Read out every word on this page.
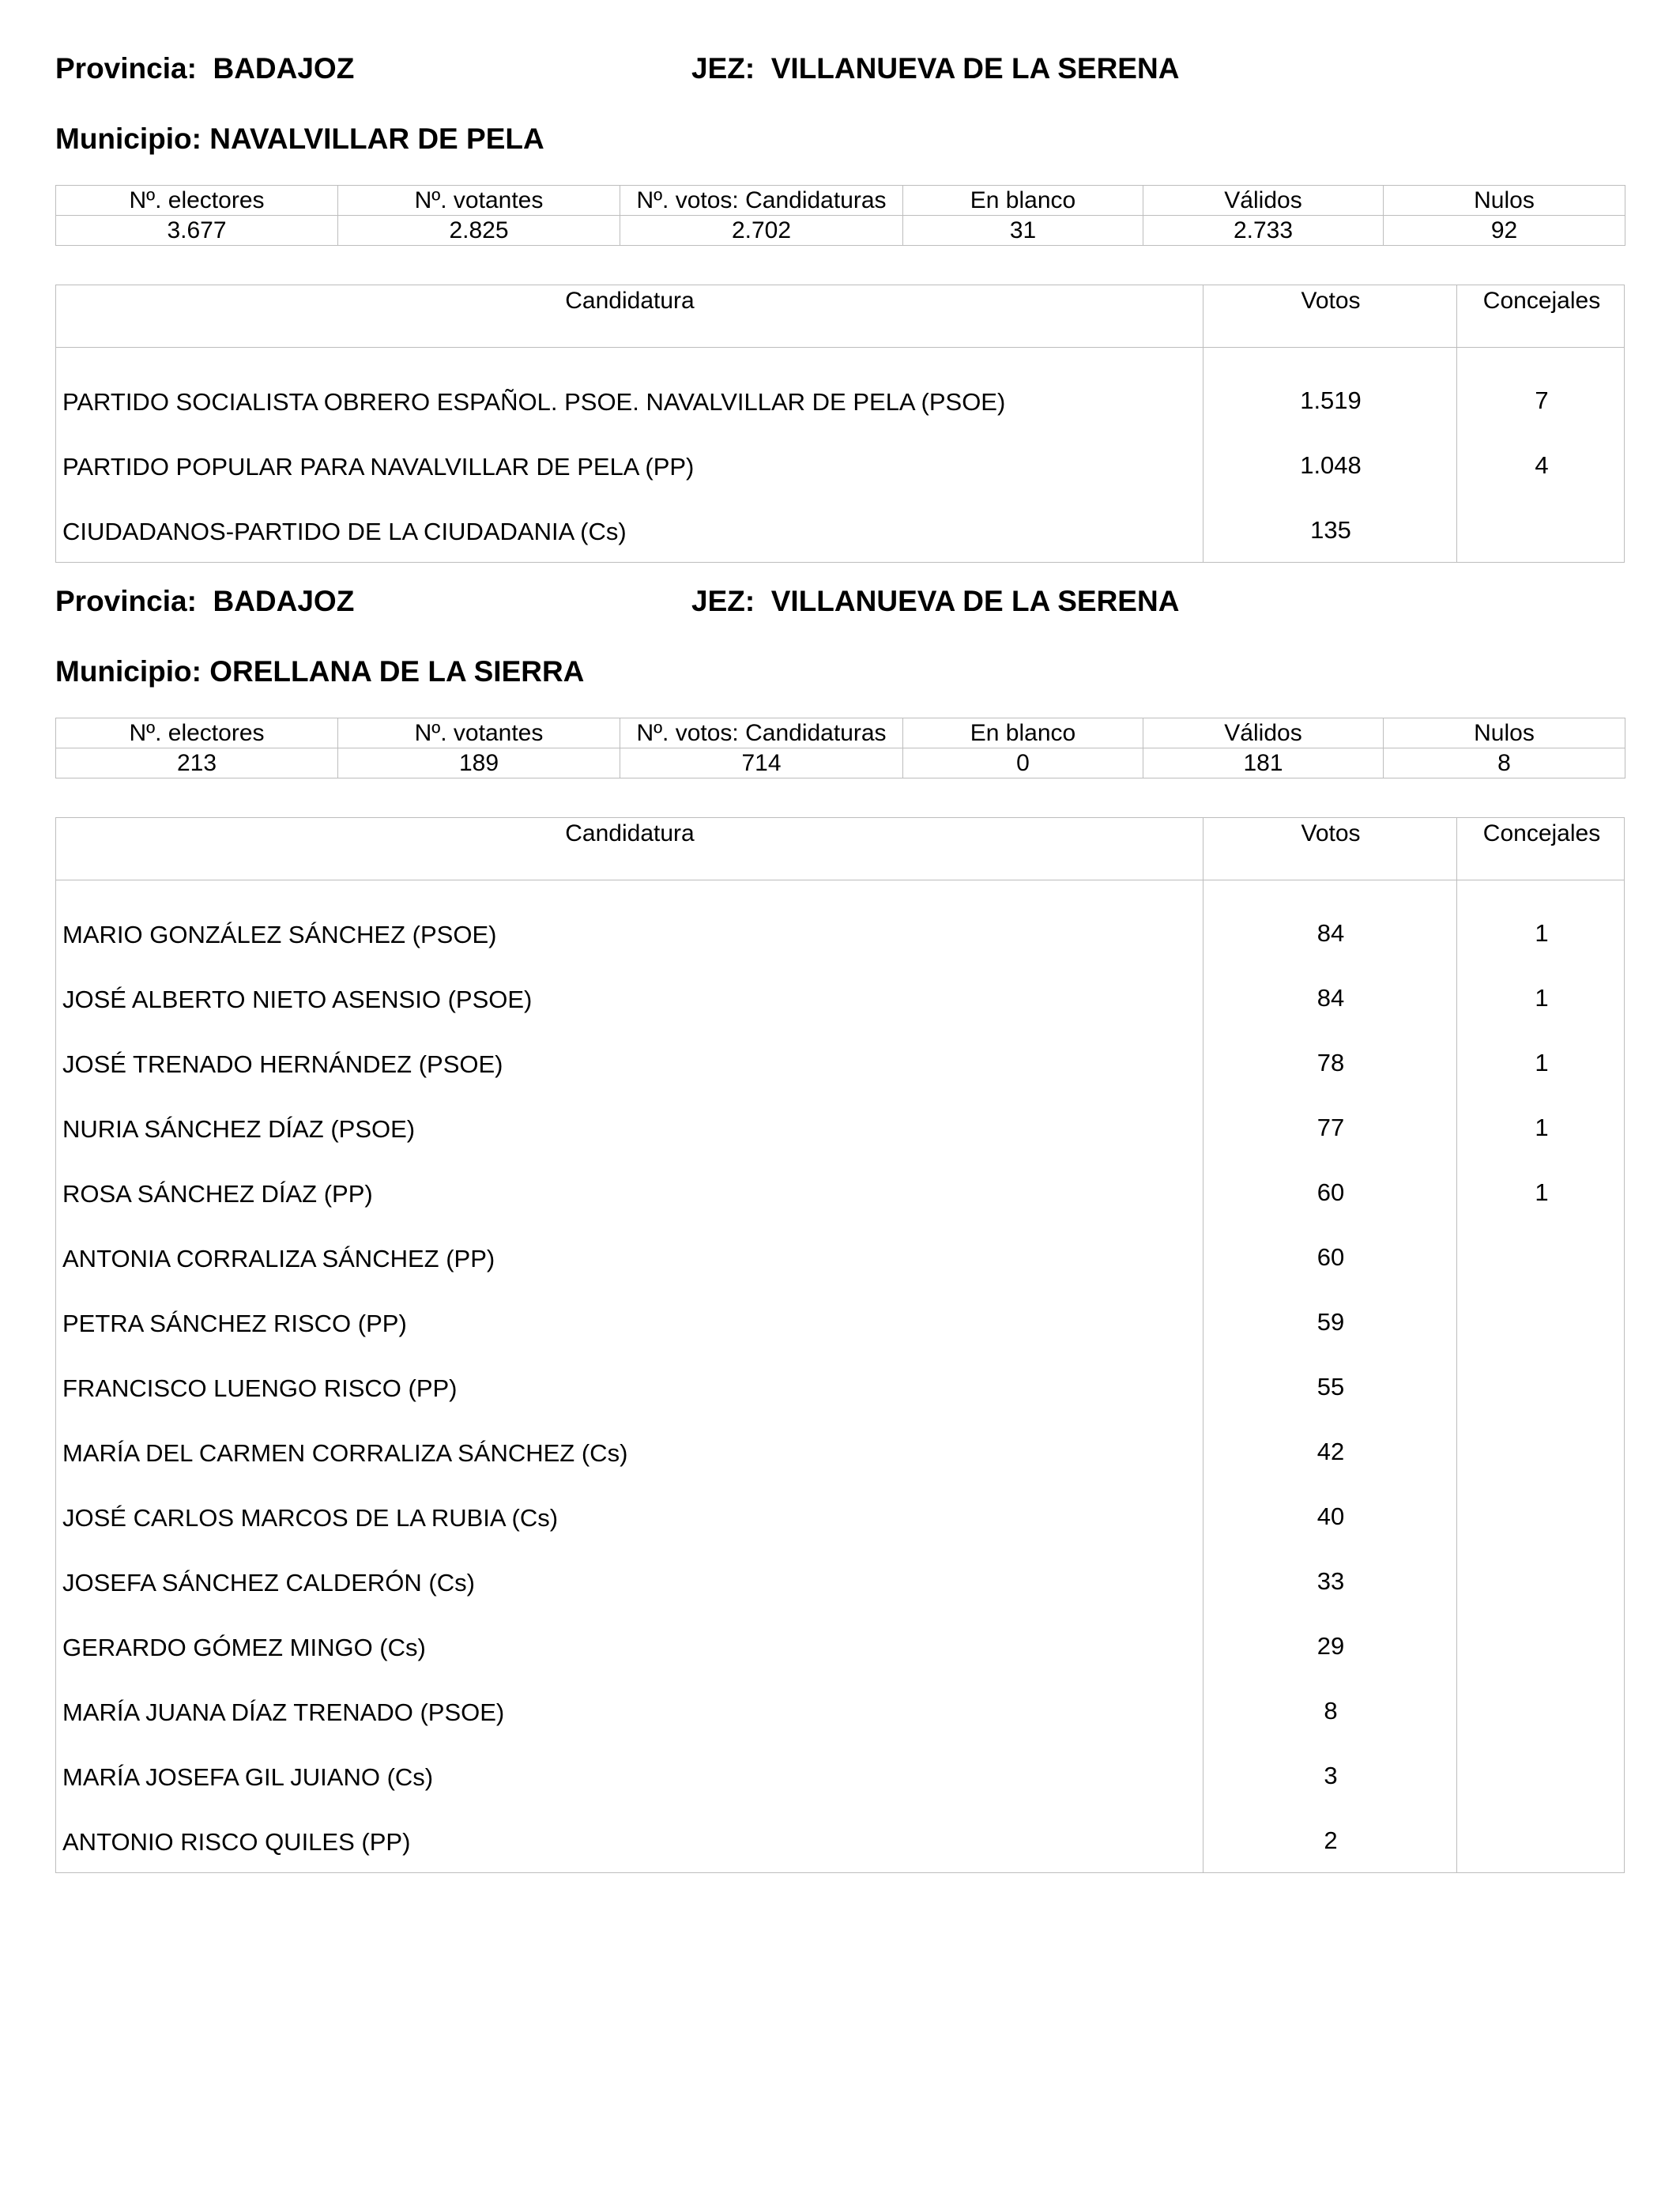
Provincia: BADAJOZ	JEZ: VILLANUEVA DE LA SERENA
Municipio: NAVALVILLAR DE PELA
Nº. electores	Nº. votantes	Nº. votos: Candidaturas	En blanco	Válidos	Nulos
3.677	2.825	2.702	31	2.733	92
Candidatura	Votos	Concejales
PARTIDO SOCIALISTA OBRERO ESPAÑOL. PSOE. NAVALVILLAR DE PELA (PSOE)	1.519	7
PARTIDO POPULAR PARA NAVALVILLAR DE PELA (PP)	1.048	4
CIUDADANOS-PARTIDO DE LA CIUDADANIA (Cs)	135
Provincia: BADAJOZ	JEZ: VILLANUEVA DE LA SERENA
Municipio: ORELLANA DE LA SIERRA
Nº. electores	Nº. votantes	Nº. votos: Candidaturas	En blanco	Válidos	Nulos
213	189	714	0	181	8
Candidatura	Votos	Concejales
MARIO GONZÁLEZ SÁNCHEZ (PSOE)	84	1
JOSÉ ALBERTO NIETO ASENSIO (PSOE)	84	1
JOSÉ TRENADO HERNÁNDEZ (PSOE)	78	1
NURIA SÁNCHEZ DÍAZ (PSOE)	77	1
ROSA SÁNCHEZ DÍAZ (PP)	60	1
ANTONIA CORRALIZA SÁNCHEZ (PP)	60
PETRA SÁNCHEZ RISCO (PP)	59
FRANCISCO LUENGO RISCO (PP)	55
MARÍA DEL CARMEN CORRALIZA SÁNCHEZ (Cs)	42
JOSÉ CARLOS MARCOS DE LA RUBIA (Cs)	40
JOSEFA SÁNCHEZ CALDERÓN (Cs)	33
GERARDO GÓMEZ MINGO (Cs)	29
MARÍA JUANA DÍAZ TRENADO (PSOE)	8
MARÍA JOSEFA GIL JUIANO (Cs)	3
ANTONIO RISCO QUILES (PP)	2
